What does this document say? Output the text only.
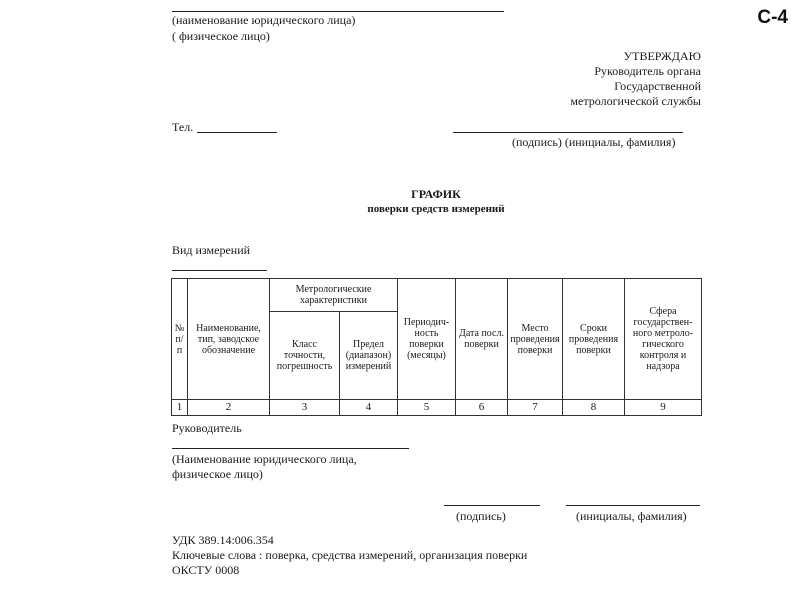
С-4
(наименование юридического лица)
( физическое лицо)
УТВЕРЖДАЮ
Руководитель органа
Государственной
метрологической службы
Тел.
(подпись) (инициалы, фамилия)
ГРАФИК
поверки средств измерений
Вид измерений
№ п/п	Наименование, тип, заводское обозначение	Метрологические характеристики		Периодич-ность поверки (месяцы)	Дата посл. поверки	Место проведения поверки	Сроки проведения поверки	Сфера государствен-ного метроло-гического контроля и надзора
		Класс точности, погрешность	Предел (диапазон) измерений					
1	2	3	4	5	6	7	8	9
Руководитель
(Наименование юридического лица,
физическое лицо)
(подпись)	(инициалы, фамилия)
УДК 389.14:006.354
Ключевые слова : поверка, средства измерений, организация поверки
ОКСТУ 0008
